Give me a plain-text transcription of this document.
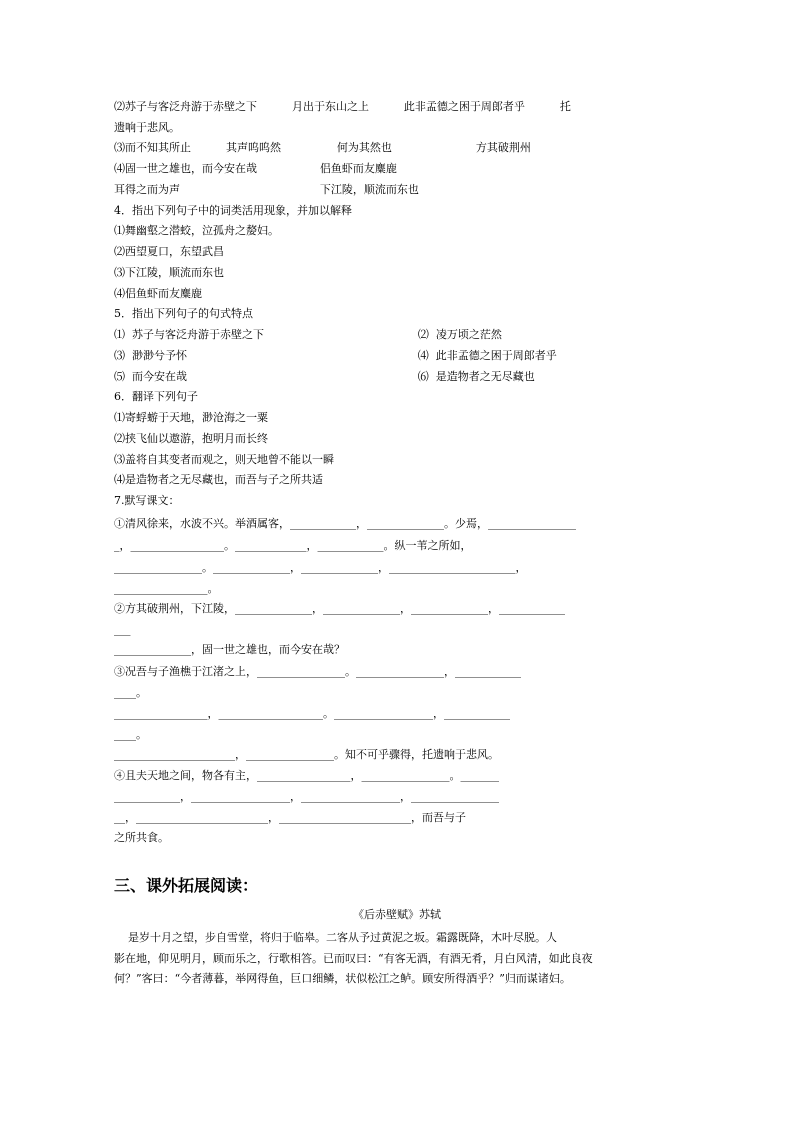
⑵苏子与客泛舟游于赤壁之下          月出于东山之上          此非孟德之困于周郎者乎          托
遗响于悲风。
⑶而不知其所止          其声呜呜然                何为其然也                        方其破荆州
⑷固一世之雄也，而今安在哉                  侣鱼虾而友麋鹿
耳得之而为声                                        下江陵，顺流而东也
4．指出下列句子中的词类活用现象，并加以解释
⑴舞幽壑之潜蛟，泣孤舟之嫠妇。
⑵西望夏口，东望武昌
⑶下江陵，顺流而东也
⑷侣鱼虾而友麋鹿
5．指出下列句子的句式特点
⑴  苏子与客泛舟游于赤壁之下                                            ⑵  凌万顷之茫然
⑶  渺渺兮予怀                                                                  ⑷  此非孟德之困于周郎者乎
⑸  而今安在哉                                                                  ⑹  是造物者之无尽藏也
6．翻译下列句子
⑴寄蜉蝣于天地，渺沧海之一粟
⑵挟飞仙以遨游，抱明月而长终
⑶盖将自其变者而观之，则天地曾不能以一瞬
⑷是造物者之无尽藏也，而吾与子之所共适
7.默写课文：
①清风徐来，水波不兴。举酒属客，____________，______________。少焉，________________
_，_________________。_____________，____________。纵一苇之所如，
________________。______________，______________，_______________________，
_________________。
②方其破荆州，下江陵，______________，______________，______________，____________
___
______________，固一世之雄也，而今安在哉？
③况吾与子渔樵于江渚之上，________________。________________，____________
____。
_________________，___________________。__________________，____________
____。
______________________，________________。知不可乎骤得，托遗响于悲风。
④且夫天地之间，物各有主，_________________，________________。_______
____________，__________________，__________________，________________
__，________________________，________________________，而吾与子
之所共食。
三、课外拓展阅读：
《后赤壁赋》苏轼
是岁十月之望，步自雪堂，将归于临皋。二客从予过黄泥之坂。霜露既降，木叶尽脱。人
影在地，仰见明月，顾而乐之，行歌相答。已而叹曰：“有客无酒，有酒无肴，月白风清，如此良夜
何？”客曰：“今者薄暮，举网得鱼，巨口细鳞，状似松江之鲈。顾安所得酒乎？”归而谋诸妇。
